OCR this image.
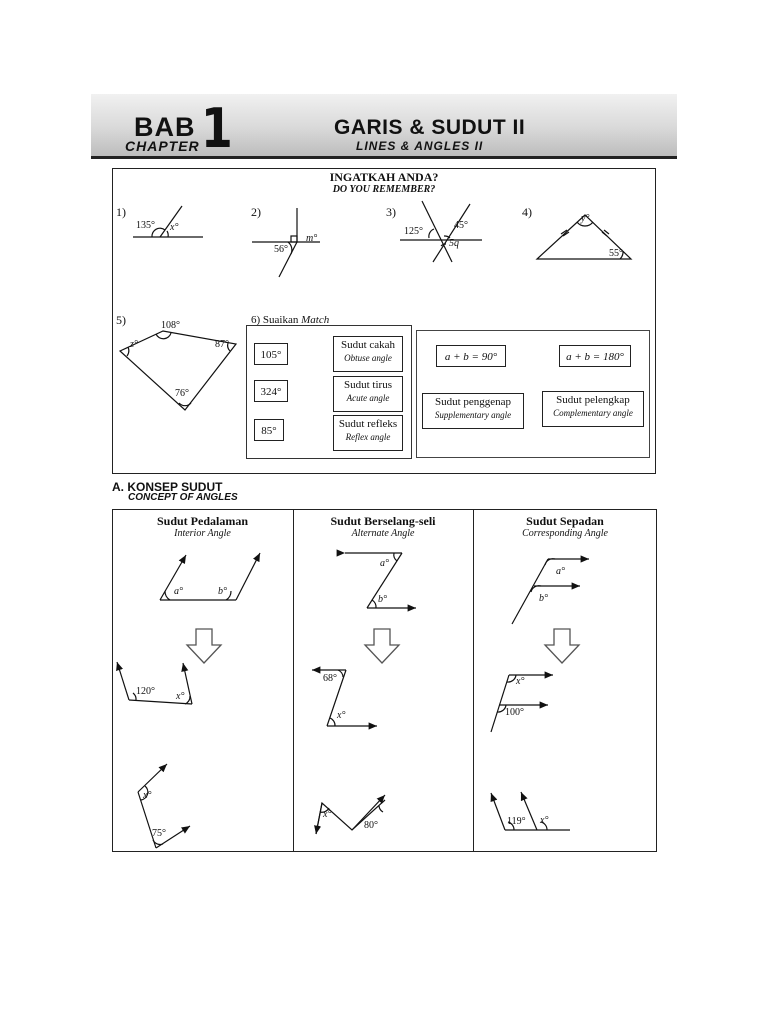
BAB
CHAPTER 1	GARIS & SUDUT II
LINES & ANGLES II
INGATKAH ANDA?
DO YOU REMEMBER?
1)	2)	3)	4)
5)
135° x°
m°
56°
125°
45°
5q
y°
55°
108°
z°	87°
76°
6) Suaikan Match
105°
324°
85°
Sudut cakah
Obtuse angle
Sudut tirus
Acute angle
Sudut refleks
Reflex angle
a + b = 90°	a + b = 180°
Sudut penggenap
Supplementary angle
Sudut pelengkap
Complementary angle
A. KONSEP SUDUT
CONCEPT OF ANGLES
Sudut Pedalaman
Interior Angle
Sudut Berselang-seli
Alternate Angle
Sudut Sepadan
Corresponding Angle
a°	b°
120° x°
x°
75°
a°
b°
68°
x°
x°
80°
a°
b°
x°
100°
119° x°
